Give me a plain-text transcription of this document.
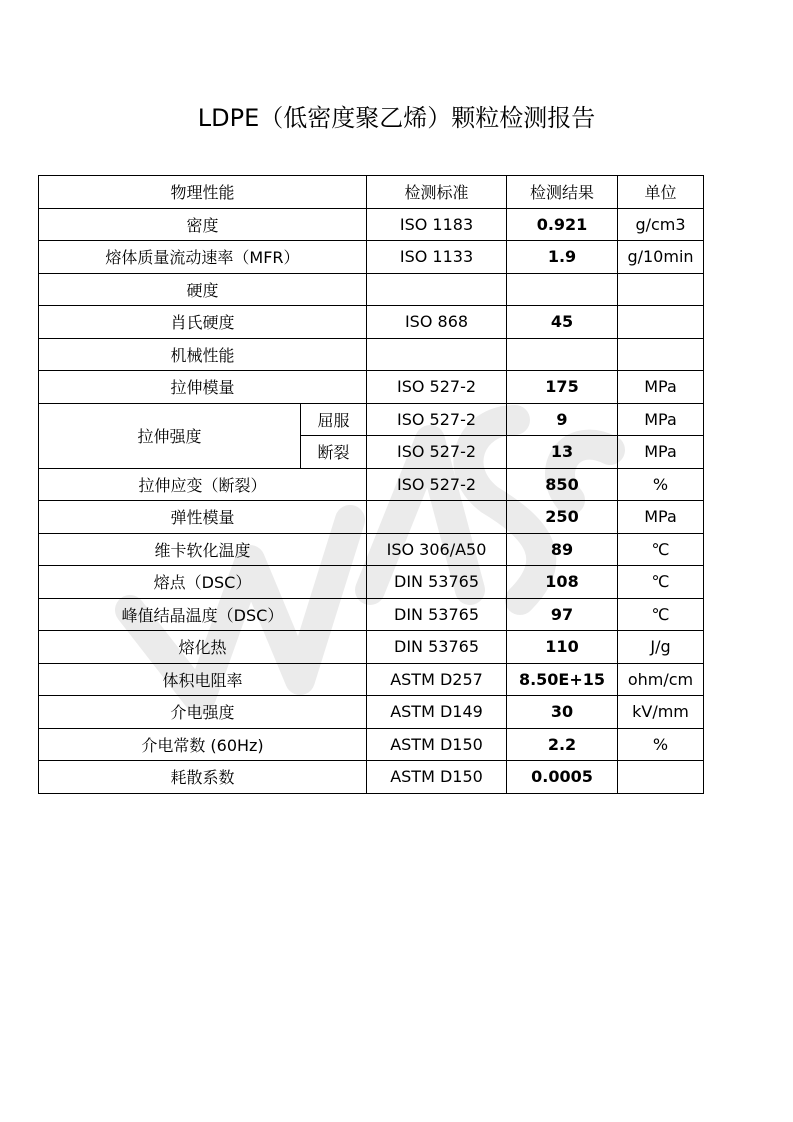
LDPE（低密度聚乙烯）颗粒检测报告
物理性能		检测标准	检测结果	单位
密度		ISO 1183	0.921	g/cm3
熔体质量流动速率（MFR）		ISO 1133	1.9	g/10min
硬度				
肖氏硬度		ISO 868	45	
机械性能				
拉伸模量		ISO 527-2	175	MPa
拉伸强度	屈服	ISO 527-2	9	MPa
	断裂	ISO 527-2	13	MPa
拉伸应变（断裂）		ISO 527-2	850	%
弹性模量			250	MPa
维卡软化温度		ISO 306/A50	89	℃
熔点（DSC）		DIN 53765	108	℃
峰值结晶温度（DSC）		DIN 53765	97	℃
熔化热		DIN 53765	110	J/g
体积电阻率		ASTM D257	8.50E+15	ohm/cm
介电强度		ASTM D149	30	kV/mm
介电常数 (60Hz)		ASTM D150	2.2	%
耗散系数		ASTM D150	0.0005	
